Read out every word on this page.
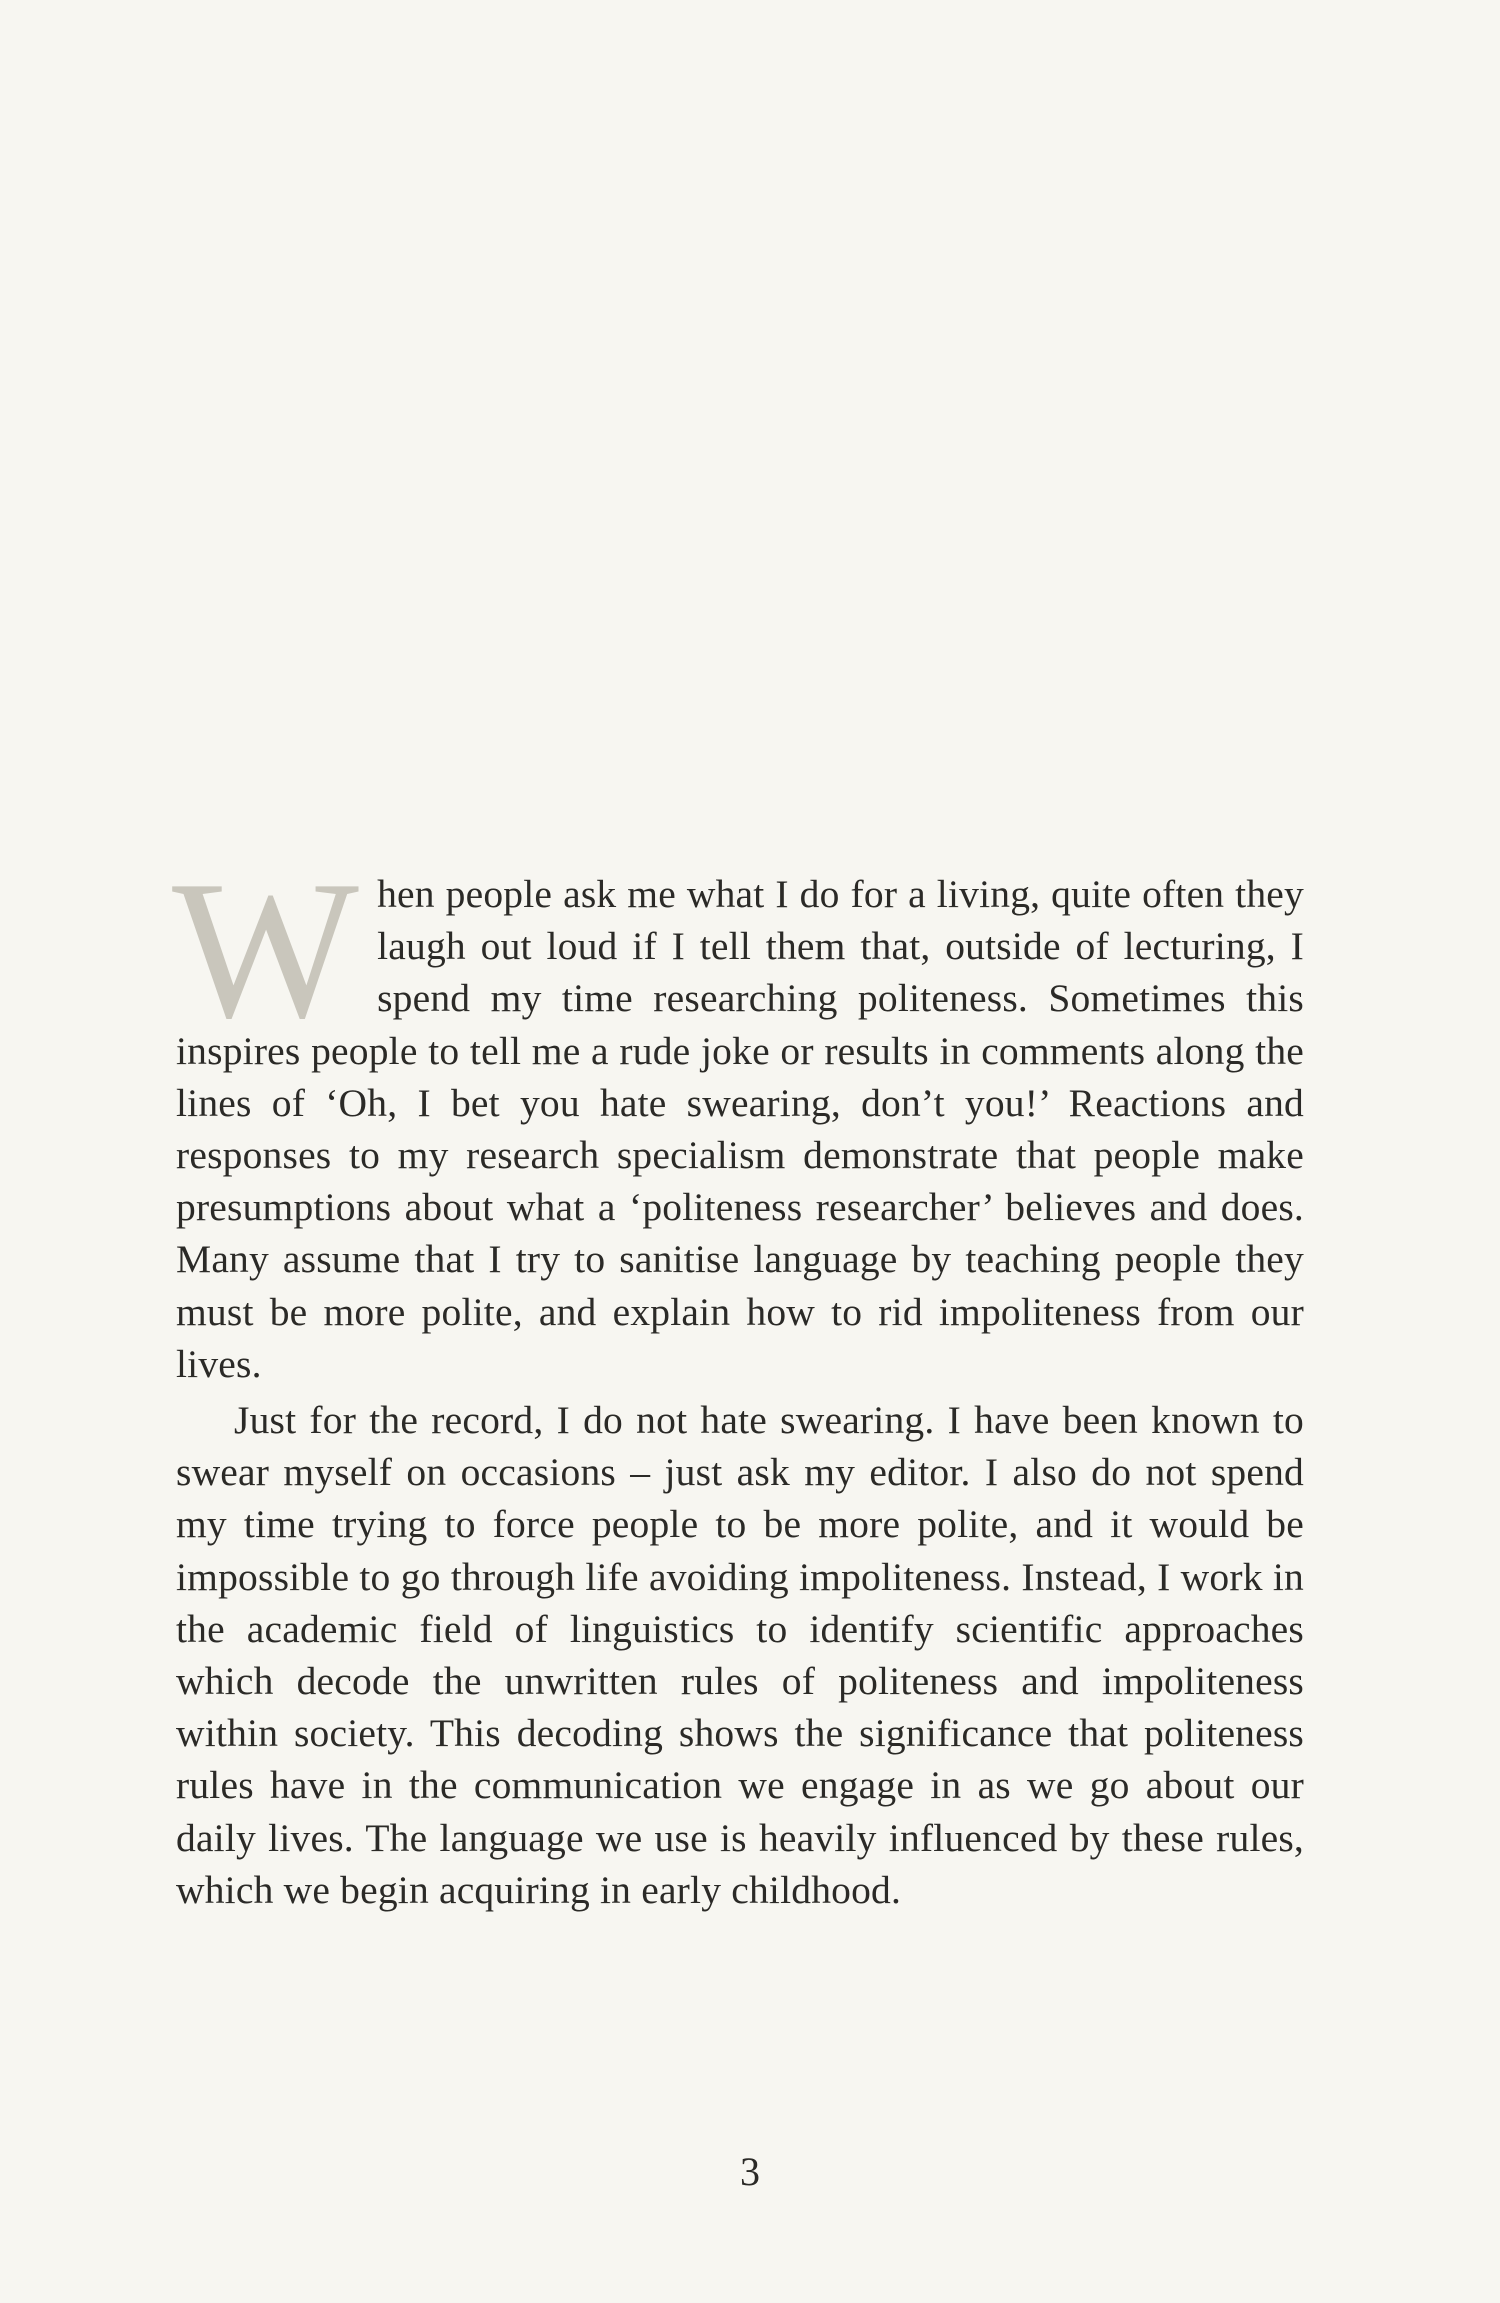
When people ask me what I do for a living, quite often they laugh out loud if I tell them that, outside of lecturing, I spend my time researching politeness. Sometimes this inspires people to tell me a rude joke or results in comments along the lines of ‘Oh, I bet you hate swearing, don’t you!’ Reactions and responses to my research specialism demonstrate that people make presumptions about what a ‘politeness researcher’ believes and does. Many assume that I try to sanitise language by teaching people they must be more polite, and explain how to rid impoliteness from our lives.

Just for the record, I do not hate swearing. I have been known to swear myself on occasions – just ask my editor. I also do not spend my time trying to force people to be more polite, and it would be impossible to go through life avoiding impoliteness. Instead, I work in the academic field of linguistics to identify scientific approaches which decode the unwritten rules of politeness and impoliteness within society. This decoding shows the significance that politeness rules have in the communication we engage in as we go about our daily lives. The language we use is heavily influenced by these rules, which we begin acquiring in early childhood.

3
